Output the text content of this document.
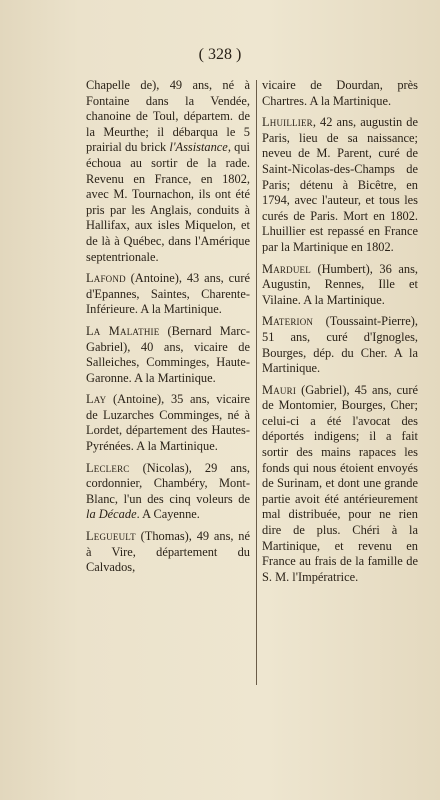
( 328 )

Chapelle de), 49 ans, né à Fontaine dans la Vendée, chanoine de Toul, départem. de la Meurthe; il débarqua le 5 prairial du brick l'Assistance, qui échoua au sortir de la rade. Revenu en France, en 1802, avec M. Tournachon, ils ont été pris par les Anglais, conduits à Hallifax, aux isles Miquelon, et de là à Québec, dans l'Amérique septentrionale.

Lafond (Antoine), 43 ans, curé d'Epannes, Saintes, Charente-Inférieure. A la Martinique.

La Malathie (Bernard Marc-Gabriel), 40 ans, vicaire de Salleiches, Comminges, Haute-Garonne. A la Martinique.

Lay (Antoine), 35 ans, vicaire de Luzarches Comminges, né à Lordet, département des Hautes-Pyrénées. A la Martinique.

Leclerc (Nicolas), 29 ans, cordonnier, Chambéry, Mont-Blanc, l'un des cinq voleurs de la Décade. A Cayenne.

Legueult (Thomas), 49 ans, né à Vire, département du Calvados,

vicaire de Dourdan, près Chartres. A la Martinique.

Lhuillier, 42 ans, augustin de Paris, lieu de sa naissance; neveu de M. Parent, curé de Saint-Nicolas-des-Champs de Paris; détenu à Bicêtre, en 1794, avec l'auteur, et tous les curés de Paris. Mort en 1802. Lhuillier est repassé en France par la Martinique en 1802.

Marduel (Humbert), 36 ans, Augustin, Rennes, Ille et Vilaine. A la Martinique.

Materion (Toussaint-Pierre), 51 ans, curé d'Ignogles, Bourges, dép. du Cher. A la Martinique.

Mauri (Gabriel), 45 ans, curé de Montomier, Bourges, Cher; celui-ci a été l'avocat des déportés indigens; il a fait sortir des mains rapaces les fonds qui nous étoient envoyés de Surinam, et dont une grande partie avoit été antérieurement mal distribuée, pour ne rien dire de plus. Chéri à la Martinique, et revenu en France au frais de la famille de S. M. l'Impératrice.
